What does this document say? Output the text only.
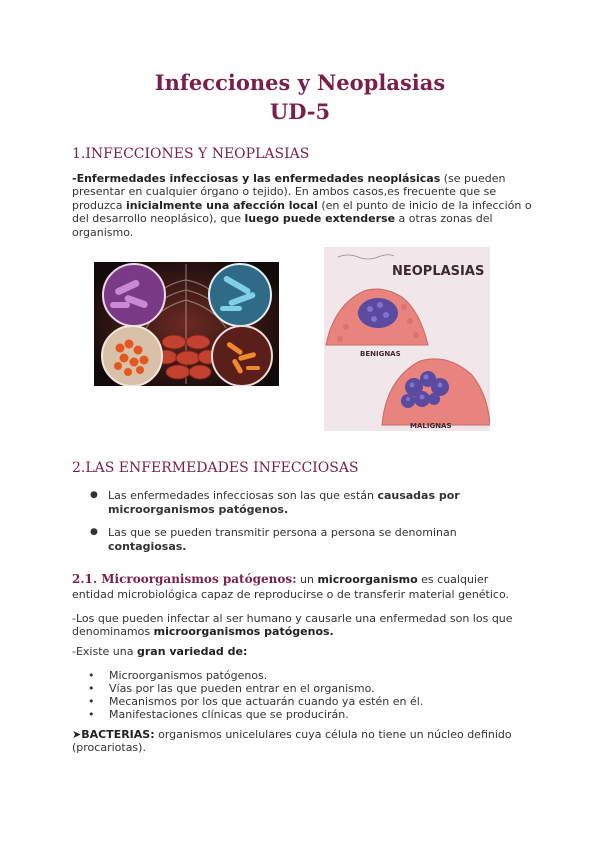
Infecciones y Neoplasias
UD-5
1.INFECCIONES Y NEOPLASIAS
-Enfermedades infecciosas y las enfermedades neoplásicas (se pueden presentar en cualquier órgano o tejido). En ambos casos,es frecuente que se produzca inicialmente una afección local (en el punto de inicio de la infección o del desarrollo neoplásico), que luego puede extenderse a otras zonas del organismo.
NEOPLASIAS
BENIGNAS
MALIGNAS
2.LAS ENFERMEDADES INFECCIOSAS
● Las enfermedades infecciosas son las que están causadas por microorganismos patógenos.
● Las que se pueden transmitir persona a persona se denominan contagiosas.
2.1. Microorganismos patógenos: un microorganismo es cualquier entidad microbiológica capaz de reproducirse o de transferir material genético.
-Los que pueden infectar al ser humano y causarle una enfermedad son los que denominamos microorganismos patógenos.
-Existe una gran variedad de:
• Microorganismos patógenos.
• Vías por las que pueden entrar en el organismo.
• Mecanismos por los que actuarán cuando ya estén en él.
• Manifestaciones clínicas que se producirán.
➤BACTERIAS: organismos unicelulares cuya célula no tiene un núcleo definido (procariotas).
